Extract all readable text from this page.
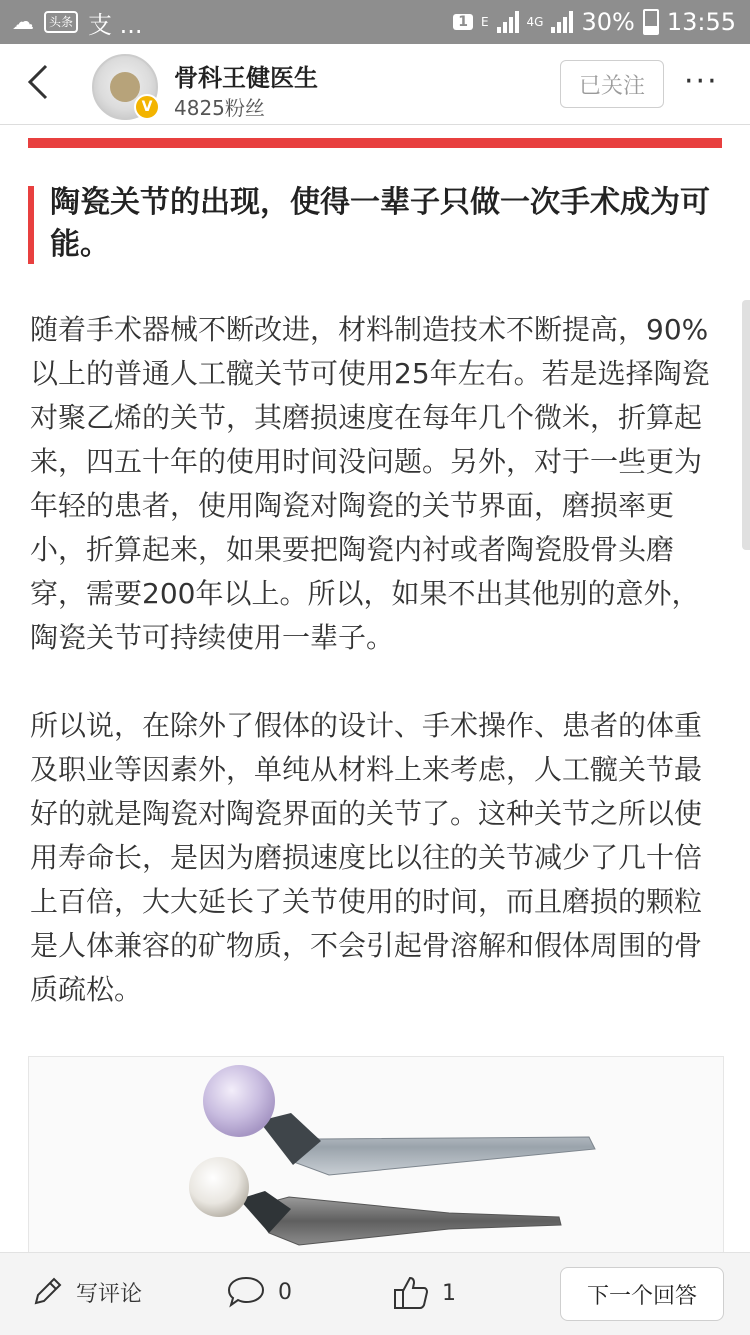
☁	头条 支 ...	1	E	4G 30% 13:55
V
骨科王健医生
4825粉丝
已关注	···
陶瓷关节的出现，使得一辈子只做一次手术成为可能。

随着手术器械不断改进，材料制造技术不断提高，90%以上的普通人工髋关节可使用25年左右。若是选择陶瓷对聚乙烯的关节，其磨损速度在每年几个微米，折算起来，四五十年的使用时间没问题。另外，对于一些更为年轻的患者，使用陶瓷对陶瓷的关节界面，磨损率更小，折算起来，如果要把陶瓷内衬或者陶瓷股骨头磨穿，需要200年以上。所以，如果不出其他别的意外，陶瓷关节可持续使用一辈子。

所以说，在除外了假体的设计、手术操作、患者的体重及职业等因素外，单纯从材料上来考虑，人工髋关节最好的就是陶瓷对陶瓷界面的关节了。这种关节之所以使用寿命长，是因为磨损速度比以往的关节减少了几十倍上百倍，大大延长了关节使用的时间，而且磨损的颗粒是人体兼容的矿物质，不会引起骨溶解和假体周围的骨质疏松。

写评论	0	1	下一个回答
